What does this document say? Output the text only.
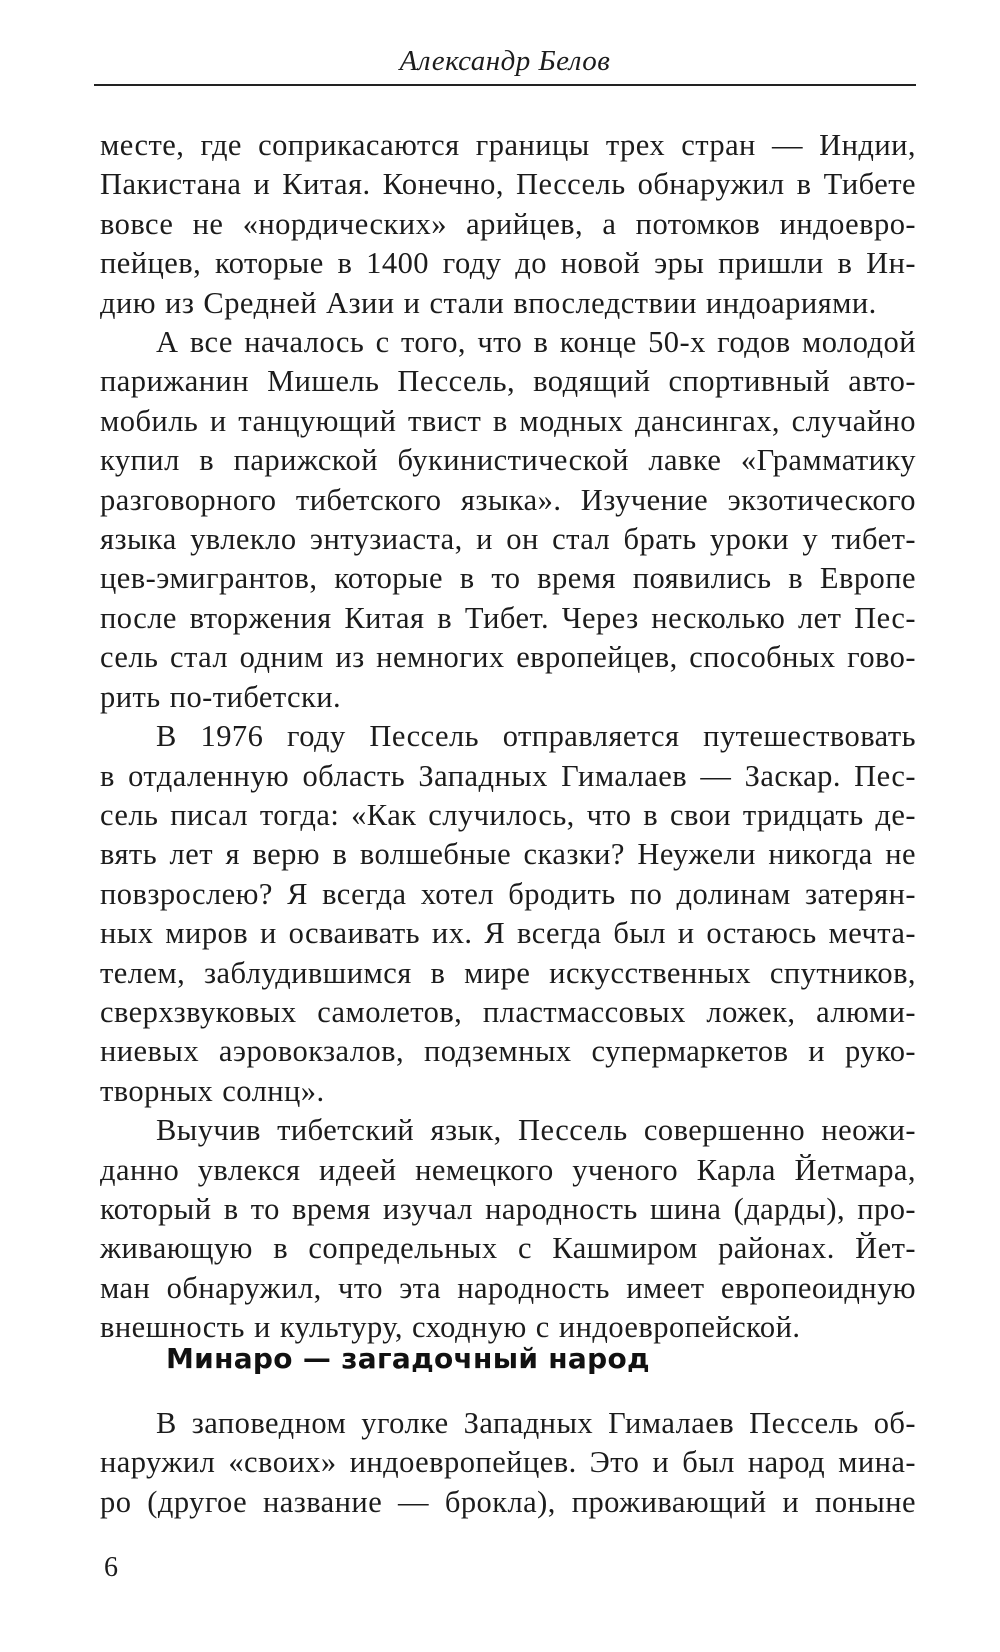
Александр Белов
месте, где соприкасаются границы трех стран — Индии,
Пакистана и Китая. Конечно, Пессель обнаружил в Тибете
вовсе не «нордических» арийцев, а потомков индоевро-
пейцев, которые в 1400 году до новой эры пришли в Ин-
дию из Средней Азии и стали впоследствии индоариями.
А все началось с того, что в конце 50-х годов молодой
парижанин Мишель Пессель, водящий спортивный авто-
мобиль и танцующий твист в модных дансингах, случайно
купил в парижской букинистической лавке «Грамматику
разговорного тибетского языка». Изучение экзотического
языка увлекло энтузиаста, и он стал брать уроки у тибет-
цев-эмигрантов, которые в то время появились в Европе
после вторжения Китая в Тибет. Через несколько лет Пес-
сель стал одним из немногих европейцев, способных гово-
рить по-тибетски.
В 1976 году Пессель отправляется путешествовать
в отдаленную область Западных Гималаев — Заскар. Пес-
сель писал тогда: «Как случилось, что в свои тридцать де-
вять лет я верю в волшебные сказки? Неужели никогда не
повзрослею? Я всегда хотел бродить по долинам затерян-
ных миров и осваивать их. Я всегда был и остаюсь мечта-
телем, заблудившимся в мире искусственных спутников,
сверхзвуковых самолетов, пластмассовых ложек, алюми-
ниевых аэровокзалов, подземных супермаркетов и руко-
творных солнц».
Выучив тибетский язык, Пессель совершенно неожи-
данно увлекся идеей немецкого ученого Карла Йетмара,
который в то время изучал народность шина (дарды), про-
живающую в сопредельных с Кашмиром районах. Йет-
ман обнаружил, что эта народность имеет европеоидную
внешность и культуру, сходную с индоевропейской.
Минаро — загадочный народ
В заповедном уголке Западных Гималаев Пессель об-
наружил «своих» индоевропейцев. Это и был народ мина-
ро (другое название — брокла), проживающий и поныне
6
